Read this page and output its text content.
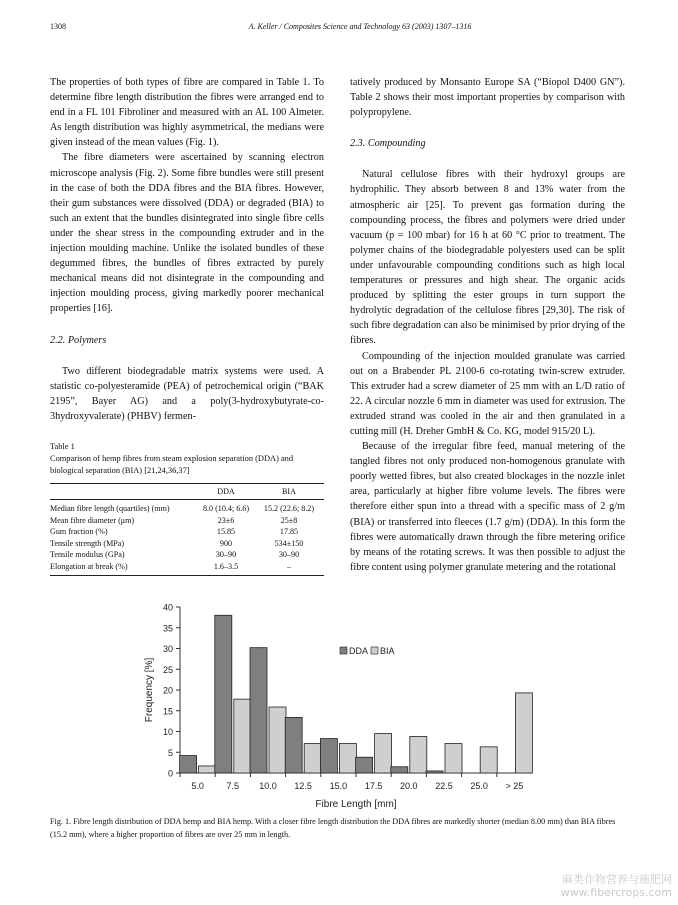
1308	A. Keller / Composites Science and Technology 63 (2003) 1307–1316

The properties of both types of fibre are compared in Table 1. To determine fibre length distribution the fibres were arranged end to end in a FL 101 Fibroliner and measured with an AL 100 Almeter. As length distribution was highly asymmetrical, the medians were given instead of the mean values (Fig. 1).

The fibre diameters were ascertained by scanning electron microscope analysis (Fig. 2). Some fibre bundles were still present in the case of both the DDA fibres and the BIA fibres. However, their gum substances were dissolved (DDA) or degraded (BIA) to such an extent that the bundles disintegrated into single fibre cells under the shear stress in the compounding extruder and in the injection moulding machine. Unlike the isolated bundles of these degummed fibres, the bundles of fibres extracted by purely mechanical means did not disintegrate in the compounding and injection moulding process, giving markedly poorer mechanical properties [16].

2.2. Polymers

Two different biodegradable matrix systems were used. A statistic co-polyesteramide (PEA) of petrochemical origin (“BAK 2195”, Bayer AG) and a poly(3-hydroxybutyrate-co-3hydroxyvalerate) (PHBV) fermen-

tatively produced by Monsanto Europe SA (“Biopol D400 GN”). Table 2 shows their most important properties by comparison with polypropylene.

2.3. Compounding

Natural cellulose fibres with their hydroxyl groups are hydrophilic. They absorb between 8 and 13% water from the atmospheric air [25]. To prevent gas formation during the compounding process, the fibres and polymers were dried under vacuum (p = 100 mbar) for 16 h at 60 °C prior to treatment. The polymer chains of the biodegradable polyesters used can be split under unfavourable compounding conditions such as high local temperatures or pressures and high shear. The organic acids produced by splitting the ester groups in turn support the hydrolytic degradation of the cellulose fibres [29,30]. The risk of such fibre degradation can also be minimised by prior drying of the fibres.

Compounding of the injection moulded granulate was carried out on a Brabender PL 2100-6 co-rotating twin-screw extruder. This extruder had a screw diameter of 25 mm with an L/D ratio of 22. A circular nozzle 6 mm in diameter was used for extrusion. The extruded strand was cooled in the air and then granulated in a cutting mill (H. Dreher GmbH & Co. KG, model 915/20 L).

Because of the irregular fibre feed, manual metering of the tangled fibres not only produced non-homogenous granulate with poorly wetted fibres, but also created blockages in the nozzle inlet area, particularly at higher fibre volume levels. The fibres were therefore either spun into a thread with a specific mass of 2 g/m (BIA) or transferred into fleeces (1.7 g/m) (DDA). In this form the fibres were automatically drawn through the fibre metering orifice by means of the rotating screws. It was then possible to adjust the fibre content using polymer granulate metering and the rotational

Table 1
Comparison of hemp fibres from steam explosion separation (DDA) and biological separation (BIA) [21,24,36,37]
	DDA	BIA
Median fibre length (quartiles) (mm)	8.0 (10.4; 6.6)	15.2 (22.6; 8.2)
Mean fibre diameter (μm)	23±6	25±8
Gum fraction (%)	15.85	17.85
Tensile strength (MPa)	900	534±150
Tensile modulus (GPa)	30–90	30–90
Elongation at break (%)	1.6–3.5	–
0
5
10
15
20
25
30
35
40
5.0	7.5 10.0 12.5 15.0 17.5 20.0 22.5 25.0 > 25
Fibre Length [mm]
Frequency [%]
DDA BIA
Fig. 1. Fibre length distribution of DDA hemp and BIA hemp. With a closer fibre length distribution the DDA fibres are markedly shorter (median 8.00 mm) than BIA fibres (15.2 mm), where a higher proportion of fibres are over 25 mm in length.
麻类作物营养与施肥网
www.fibercrops.com
